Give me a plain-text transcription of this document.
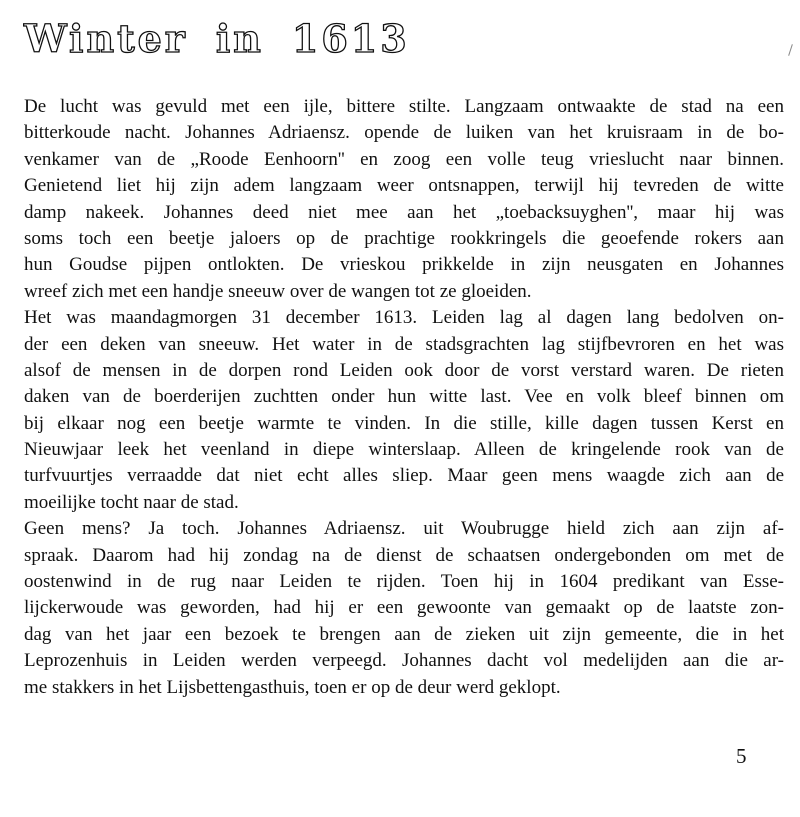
Winter in 1613

De lucht was gevuld met een ijle, bittere stilte. Langzaam ontwaakte de stad na een
bitterkoude nacht. Johannes Adriaensz. opende de luiken van het kruisraam in de bo-
venkamer van de „Roode Eenhoorn'' en zoog een volle teug vrieslucht naar binnen.
Genietend liet hij zijn adem langzaam weer ontsnappen, terwijl hij tevreden de witte
damp nakeek. Johannes deed niet mee aan het „toebacksuyghen'', maar hij was
soms toch een beetje jaloers op de prachtige rookkringels die geoefende rokers aan
hun Goudse pijpen ontlokten. De vrieskou prikkelde in zijn neusgaten en Johannes
wreef zich met een handje sneeuw over de wangen tot ze gloeiden.

Het was maandagmorgen 31 december 1613. Leiden lag al dagen lang bedolven on-
der een deken van sneeuw. Het water in de stadsgrachten lag stijfbevroren en het was
alsof de mensen in de dorpen rond Leiden ook door de vorst verstard waren. De rieten
daken van de boerderijen zuchtten onder hun witte last. Vee en volk bleef binnen om
bij elkaar nog een beetje warmte te vinden. In die stille, kille dagen tussen Kerst en
Nieuwjaar leek het veenland in diepe winterslaap. Alleen de kringelende rook van de
turfvuurtjes verraadde dat niet echt alles sliep. Maar geen mens waagde zich aan de
moeilijke tocht naar de stad.

Geen mens? Ja toch. Johannes Adriaensz. uit Woubrugge hield zich aan zijn af-
spraak. Daarom had hij zondag na de dienst de schaatsen ondergebonden om met de
oostenwind in de rug naar Leiden te rijden. Toen hij in 1604 predikant van Esse-
lijckerwoude was geworden, had hij er een gewoonte van gemaakt op de laatste zon-
dag van het jaar een bezoek te brengen aan de zieken uit zijn gemeente, die in het
Leprozenhuis in Leiden werden verpeegd. Johannes dacht vol medelijden aan die ar-
me stakkers in het Lijsbettengasthuis, toen er op de deur werd geklopt.

5
